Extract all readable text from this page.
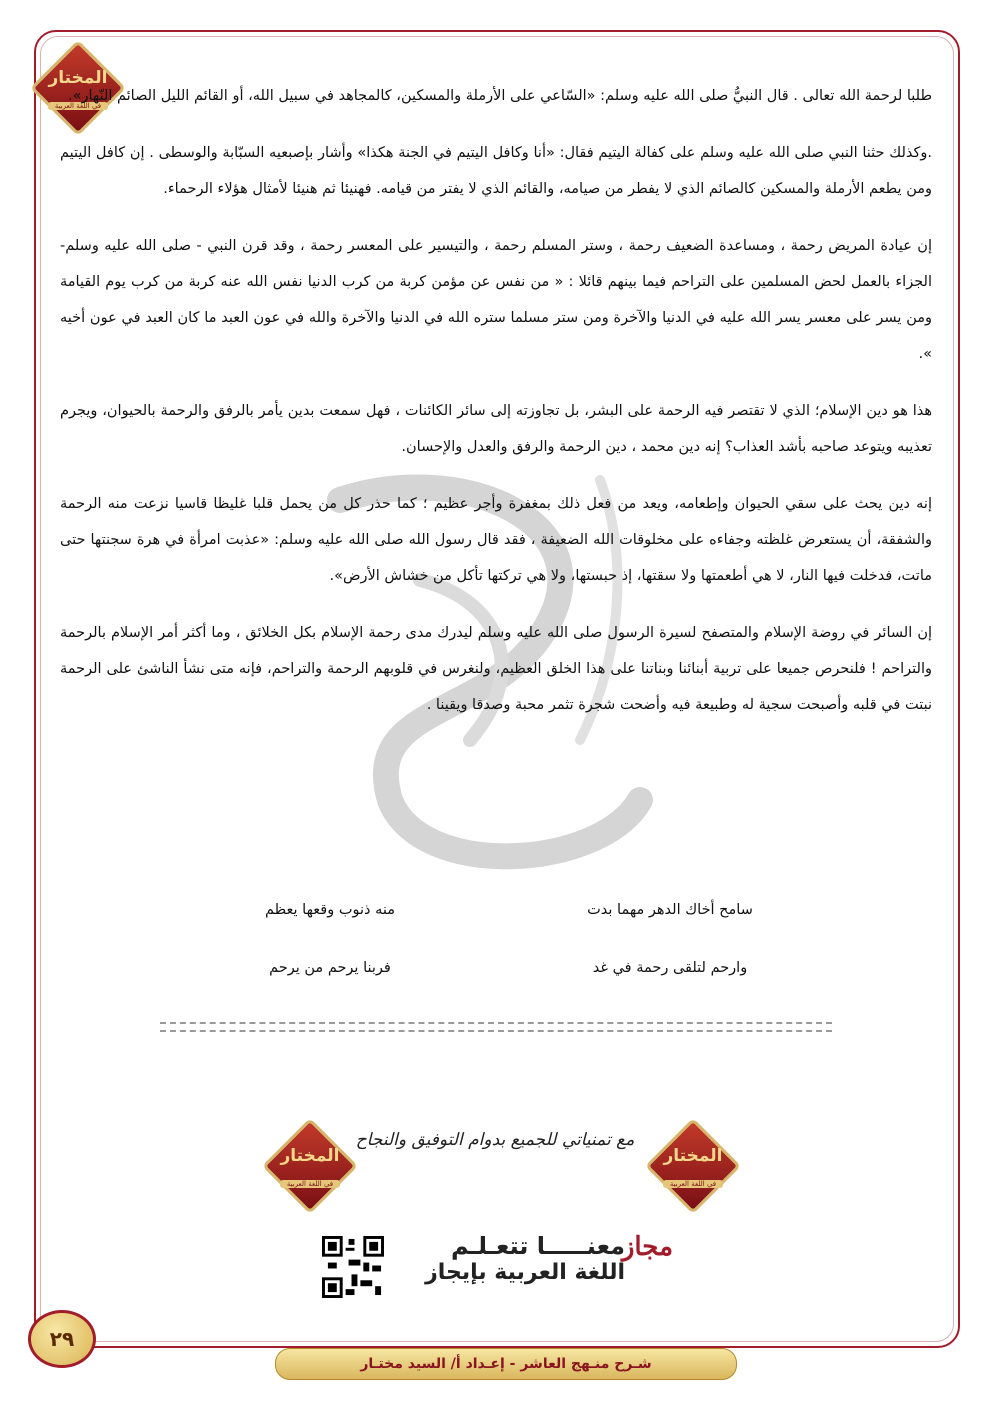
المختار
في اللغة العربية

طلبا لرحمة الله تعالى . قال النبيُّ صلى الله عليه وسلم: «السّاعي على الأرملة والمسكين، كالمجاهد في سبيل الله، أو القائم الليل الصائم النّهار».

.وكذلك حثنا النبي صلى الله عليه وسلم على كفالة اليتيم فقال: «أنا وكافل اليتيم في الجنة هكذا» وأشار بإصبعيه السبّابة والوسطى . إن كافل اليتيم ومن يطعم الأرملة والمسكين كالصائم الذي لا يفطر من صيامه، والقائم الذي لا يفتر من قيامه. فهنيئا ثم هنيئا لأمثال هؤلاء الرحماء.

إن عيادة المريض رحمة ، ومساعدة الضعيف رحمة ، وستر المسلم رحمة ، والتيسير على المعسر رحمة ، وقد قرن النبي - صلى الله عليه وسلم- الجزاء بالعمل لحض المسلمين على التراحم فيما بينهم قائلا : « من نفس عن مؤمن كربة من كرب الدنيا نفس الله عنه كربة من كرب يوم القيامة ومن يسر على معسر يسر الله عليه في الدنيا والآخرة ومن ستر مسلما ستره الله في الدنيا والآخرة والله في عون العبد ما كان العبد في عون أخيه ».

هذا هو دين الإسلام؛ الذي لا تقتصر فيه الرحمة على البشر، بل تجاوزته إلى سائر الكائنات ، فهل سمعت بدين يأمر بالرفق والرحمة بالحيوان، ويجرم تعذيبه ويتوعد صاحبه بأشد العذاب؟ إنه دين محمد ، دين الرحمة والرفق والعدل والإحسان.

إنه دين يحث على سقي الحيوان وإطعامه، ويعد من فعل ذلك بمغفرة وأجر عظيم ؛ كما حذر كل من يحمل قلبا غليظا قاسيا نزعت منه الرحمة والشفقة، أن يستعرض غلظته وجفاءه على مخلوقات الله الضعيفة ، فقد قال رسول الله صلى الله عليه وسلم: «عذبت امرأة في هرة سجنتها حتى ماتت، فدخلت فيها النار، لا هي أطعمتها ولا سقتها، إذ حبستها، ولا هي تركتها تأكل من خشاش الأرض».

إن السائر في روضة الإسلام والمتصفح لسيرة الرسول صلى الله عليه وسلم ليدرك مدى رحمة الإسلام بكل الخلائق ، وما أكثر أمر الإسلام بالرحمة والتراحم ! فلنحرص جميعا على تربية أبنائنا وبناتنا على هذا الخلق العظيم، ولنغرس في قلوبهم الرحمة والتراحم، فإنه متى نشأ الناشئ على الرحمة نبتت في قلبه وأصبحت سجية له وطبيعة فيه وأضحت شجرة تثمر محبة وصدقا ويقينا .

سامح أخاك الدهر مهما بدت
منه ذنوب وقعها يعظم
وارحم لتلقى رحمة في غد
فربنا يرحم من يرحم
المختار
في اللغة العربية
مع تمنياتي للجميع بدوام التوفيق والنجاح
المختار
في اللغة العربية
مجاز
معنـــــا تتعـلـم
اللغة العربية بإيجاز
٢٩
شـرح منـهج العاشر - إعـداد أ/ السيد مختـار
